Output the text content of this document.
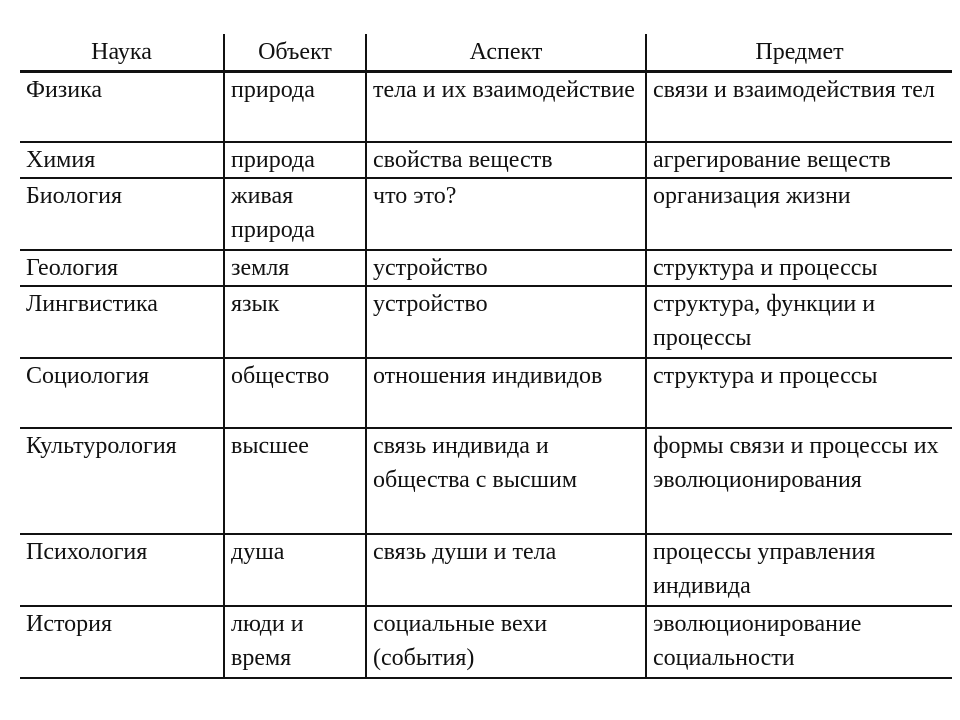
Наука	Объект	Аспект	Предмет
Физика	природа	тела и их взаимодействие	связи и взаимодействия тел
Химия	природа	свойства веществ	агрегирование веществ
Биология	живая природа	что это?	организация жизни
Геология	земля	устройство	структура и процессы
Лингвистика	язык	устройство	структура, функции и процессы
Социология	общество	отношения индивидов	структура и процессы
Культурология	высшее	связь индивида и общества с высшим	формы связи и процессы их эволюционирования
Психология	душа	связь души и тела	процессы управления индивида
История	люди и время	социальные вехи (события)	эволюционирование социальности
